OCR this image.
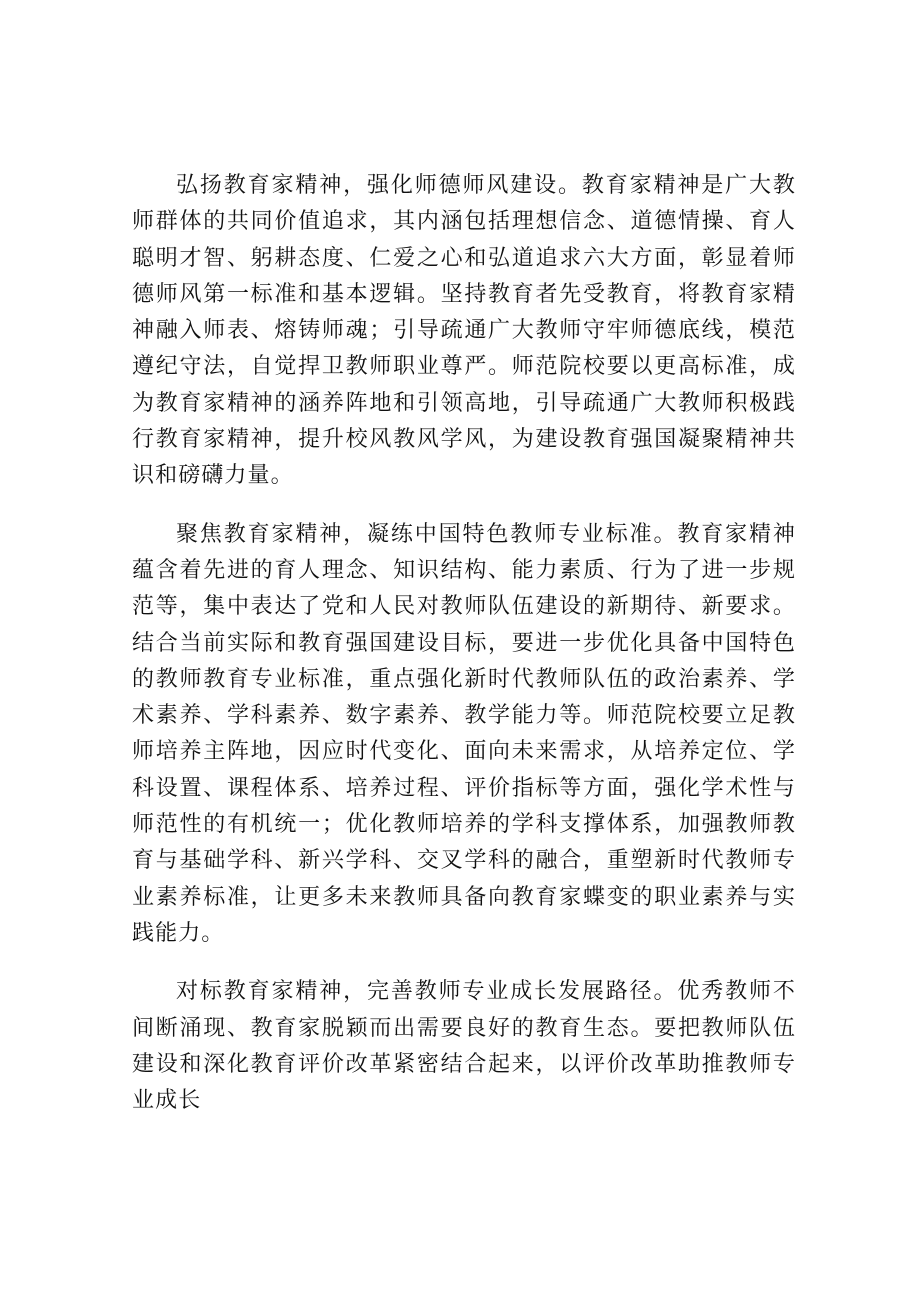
弘扬教育家精神，强化师德师风建设。教育家精神是广大教师群体的共同价值追求，其内涵包括理想信念、道德情操、育人聪明才智、躬耕态度、仁爱之心和弘道追求六大方面，彰显着师德师风第一标准和基本逻辑。坚持教育者先受教育，将教育家精神融入师表、熔铸师魂；引导疏通广大教师守牢师德底线，模范遵纪守法，自觉捍卫教师职业尊严。师范院校要以更高标准，成为教育家精神的涵养阵地和引领高地，引导疏通广大教师积极践行教育家精神，提升校风教风学风，为建设教育强国凝聚精神共识和磅礴力量。

聚焦教育家精神，凝练中国特色教师专业标准。教育家精神蕴含着先进的育人理念、知识结构、能力素质、行为了进一步规范等，集中表达了党和人民对教师队伍建设的新期待、新要求。结合当前实际和教育强国建设目标，要进一步优化具备中国特色的教师教育专业标准，重点强化新时代教师队伍的政治素养、学术素养、学科素养、数字素养、教学能力等。师范院校要立足教师培养主阵地，因应时代变化、面向未来需求，从培养定位、学科设置、课程体系、培养过程、评价指标等方面，强化学术性与师范性的有机统一；优化教师培养的学科支撑体系，加强教师教育与基础学科、新兴学科、交叉学科的融合，重塑新时代教师专业素养标准，让更多未来教师具备向教育家蝶变的职业素养与实践能力。

对标教育家精神，完善教师专业成长发展路径。优秀教师不间断涌现、教育家脱颖而出需要良好的教育生态。要把教师队伍建设和深化教育评价改革紧密结合起来，以评价改革助推教师专业成长
